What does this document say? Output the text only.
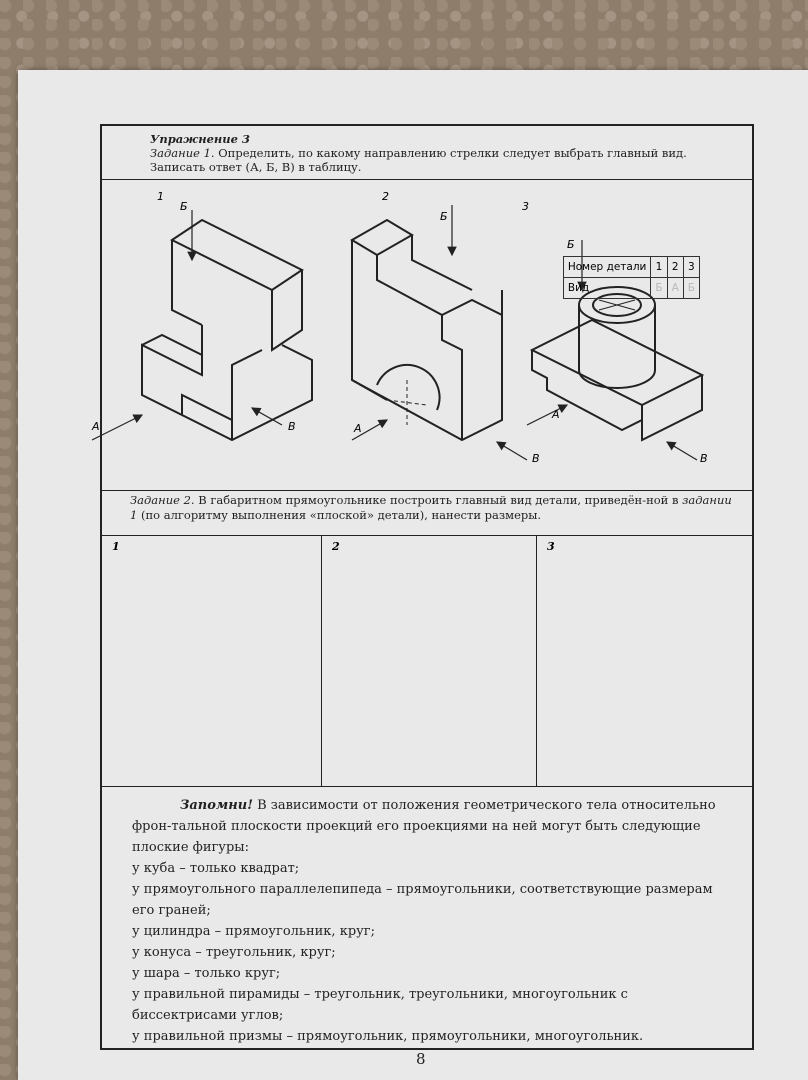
Упражнение 3
Задание 1. Определить, по какому направлению стрелки следует выбрать главный вид. Записать ответ (А, Б, В) в таблицу.
1
Б
А	В
2
Б
А
В
3
Б
А
В
Номер детали	1	2	3
Вид	Б	А	Б
Задание 2. В габаритном прямоугольнике построить главный вид детали, приведён-ной в задании 1 (по алгоритму выполнения «плоской» детали), нанести размеры.
1	2	3
Запомни! В зависимости от положения геометрического тела относительно фрон-тальной плоскости проекций его проекциями на ней могут быть следующие плоские фигуры:
у куба – только квадрат;
у прямоугольного параллелепипеда – прямоугольники, соответствующие размерам его граней;
у цилиндра – прямоугольник, круг;
у конуса – треугольник, круг;
у шара – только круг;
у правильной пирамиды – треугольник, треугольники, многоугольник с биссектрисами углов;
у правильной призмы – прямоугольник, прямоугольники, многоугольник.
8
